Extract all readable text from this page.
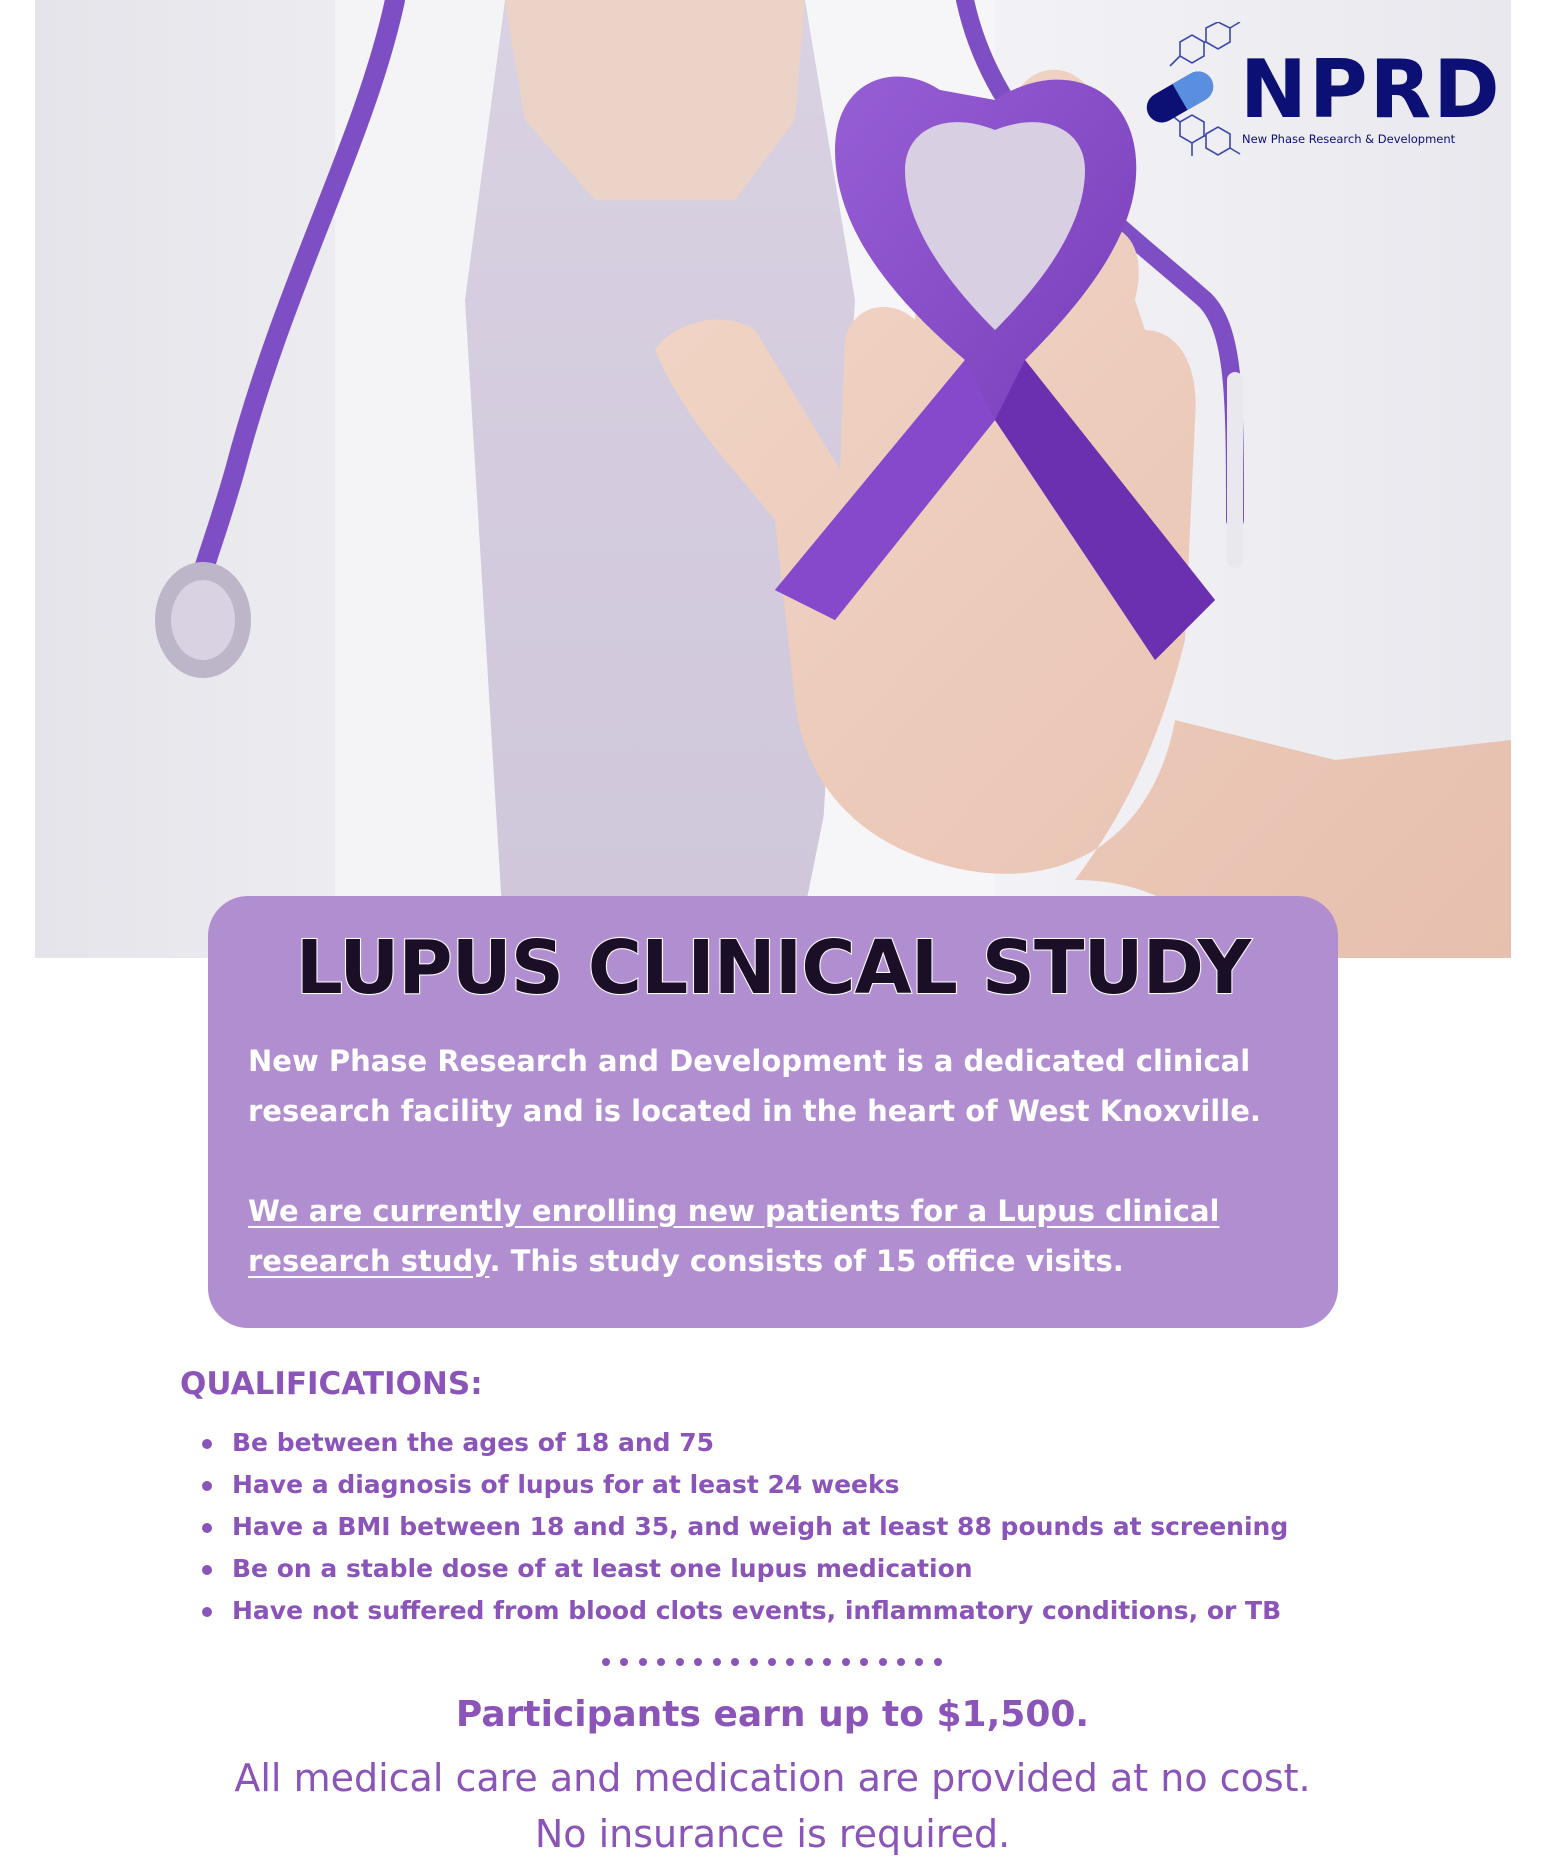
NPRD
New Phase Research & Development
LUPUS CLINICAL STUDY

New Phase Research and Development is a dedicated clinical research facility and is located in the heart of West Knoxville.

We are currently enrolling new patients for a Lupus clinical research study. This study consists of 15 office visits.

QUALIFICATIONS:
Be between the ages of 18 and 75
Have a diagnosis of lupus for at least 24 weeks
Have a BMI between 18 and 35, and weigh at least 88 pounds at screening
Be on a stable dose of at least one lupus medication
Have not suffered from blood clots events, inflammatory conditions, or TB
Participants earn up to $1,500.
All medical care and medication are provided at no cost.
No insurance is required.
